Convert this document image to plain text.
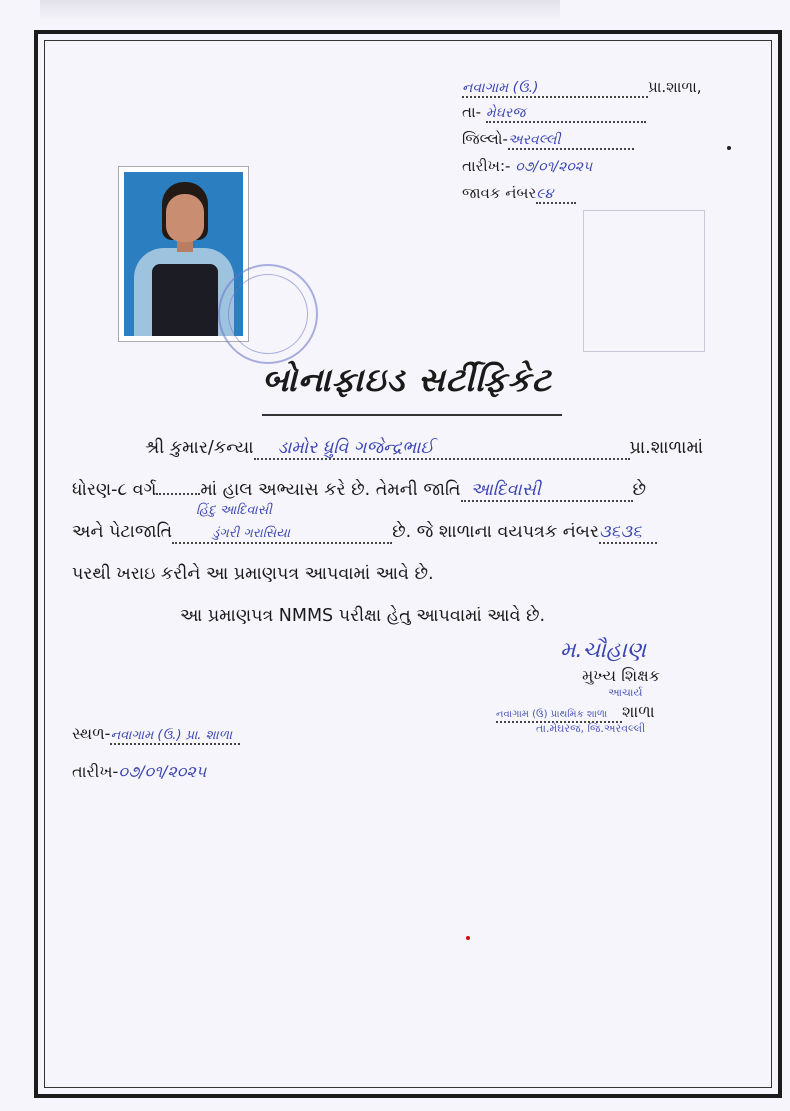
નવાગામ (ઉ.)	પ્રા.શાળા,
તા- મેઘરજ
જિલ્લો-અરવલ્લી
તારીખ:- ૦૭/૦૧/૨૦૨૫
જાવક નંબર૯૪
બોનાફાઇડ સર્ટીફિકેટ
શ્રી કુમાર/કન્યા ડામોર ધ્રુવિ ગજેન્દ્રભાઈ	પ્રા.શાળામાં
ધોરણ-૮ વર્ગ	માં હાલ અભ્યાસ કરે છે. તેમની જાતિ આદિવાસી	છે
હિંદુ આદિવાસી
અને પેટાજાતિ	ડુંગરી ગરાસિયા	છે. જે શાળાના વયપત્રક નંબર૩૬૩૬
પરથી ખરાઇ કરીને આ પ્રમાણપત્ર આપવામાં આવે છે.
આ પ્રમાણપત્ર NMMS પરીક્ષા હેતુ આપવામાં આવે છે.
મ.ચૌહાણ
મુખ્ય શિક્ષક
આચાર્ય
નવાગામ (ઉ) પ્રાથમિક શાળા શાળા
તા.મેઘરજ, જિ.અરવલ્લી
સ્થળ-નવાગામ (ઉ.) પ્રા. શાળા
તારીખ-૦૭/૦૧/૨૦૨૫
